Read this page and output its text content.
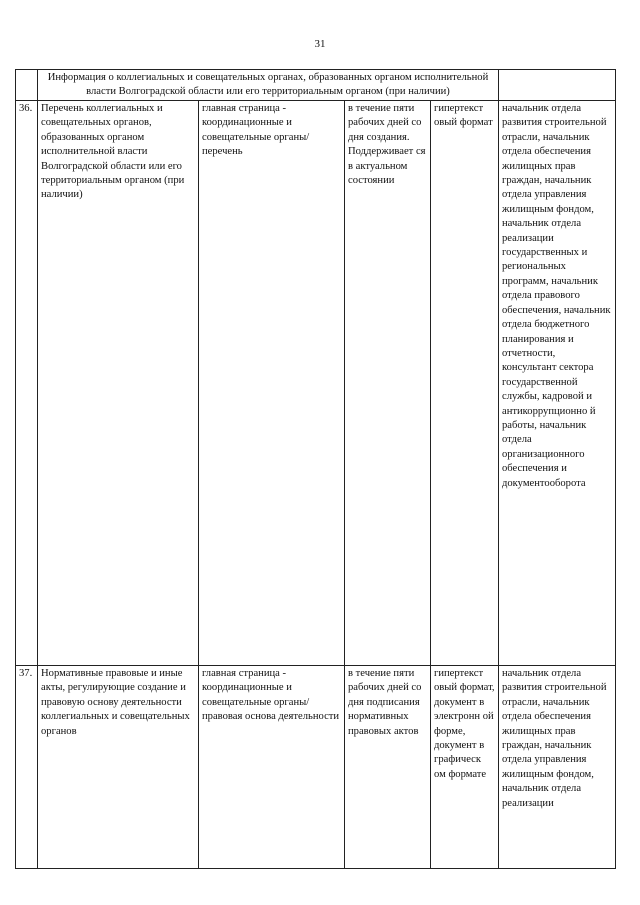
31
	Информация о коллегиальных и совещательных органах, образованных органом исполнительной власти Волгоградской области или его территориальным органом (при наличии)				
36.	Перечень коллегиальных и совещательных органов, образованных органом исполнительной власти Волгоградской области или его территориальным органом (при наличии)	главная страница - координационные и совещательные органы/перечень	в течение пяти рабочих дней со дня создания. Поддерживает ся в актуальном состоянии	гипертекст овый формат	начальник отдела развития строительной отрасли, начальник отдела обеспечения жилищных прав граждан, начальник отдела управления жилищным фондом, начальник отдела реализации государственных и региональных программ, начальник отдела правового обеспечения, начальник отдела бюджетного планирования и отчетности, консультант сектора государственной службы, кадровой и антикоррупционно й работы, начальник отдела организационного обеспечения и документооборота
37.	Нормативные правовые и иные акты, регулирующие создание и правовую основу деятельности коллегиальных и совещательных органов	главная страница - координационные и совещательные органы/правовая основа деятельности	в течение пяти рабочих дней со дня подписания нормативных правовых актов	гипертекст овый формат, документ в электронн ой форме, документ в графическ ом формате	начальник отдела развития строительной отрасли, начальник отдела обеспечения жилищных прав граждан, начальник отдела управления жилищным фондом, начальник отдела реализации
